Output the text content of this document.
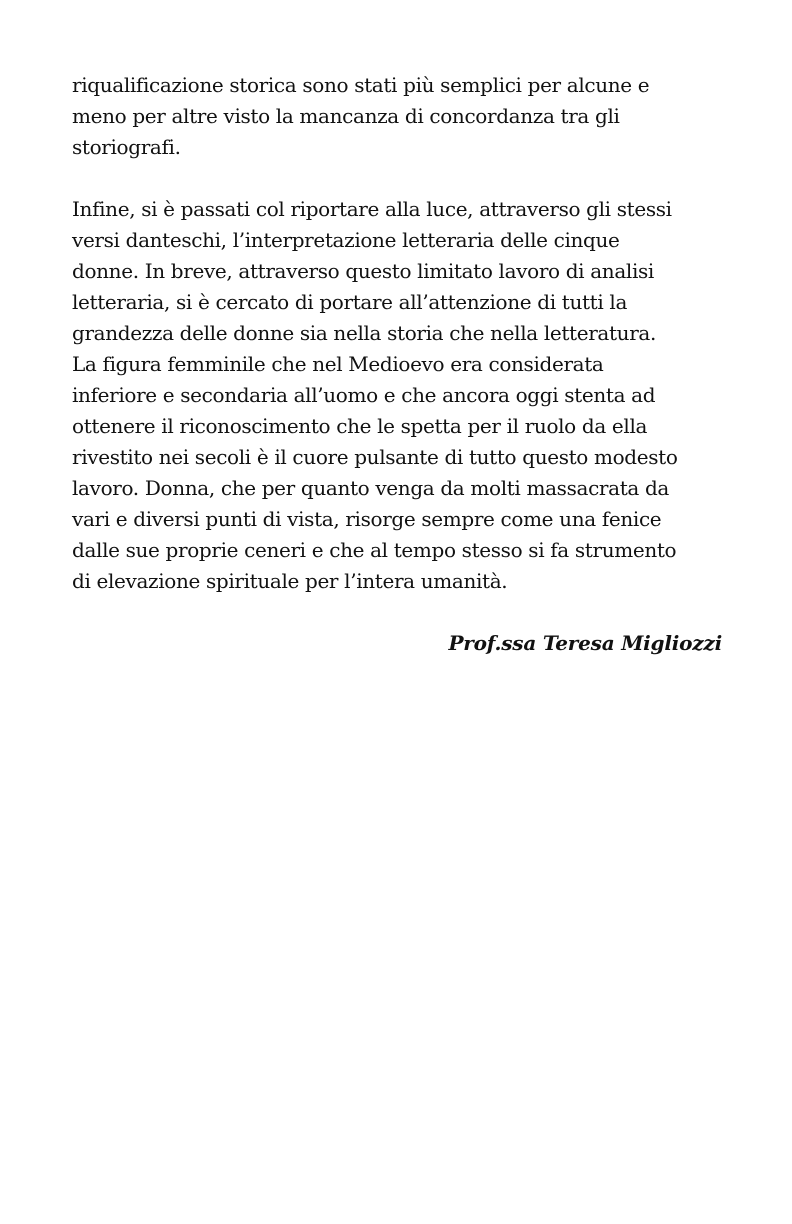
riqualificazione storica sono stati più semplici per alcune e
meno per altre visto la mancanza di concordanza tra gli
storiografi.
Infine, si è passati col riportare alla luce, attraverso gli stessi
versi danteschi, l’interpretazione letteraria delle cinque
donne. In breve, attraverso questo limitato lavoro di analisi
letteraria, si è cercato di portare all’attenzione di tutti la
grandezza delle donne sia nella storia che nella letteratura.
La figura femminile che nel Medioevo era considerata
inferiore e secondaria all’uomo e che ancora oggi stenta ad
ottenere il riconoscimento che le spetta per il ruolo da ella
rivestito nei secoli è il cuore pulsante di tutto questo modesto
lavoro. Donna, che per quanto venga da molti massacrata da
vari e diversi punti di vista, risorge sempre come una fenice
dalle sue proprie ceneri e che al tempo stesso si fa strumento
di elevazione spirituale per l’intera umanità.
Prof.ssa Teresa Migliozzi
